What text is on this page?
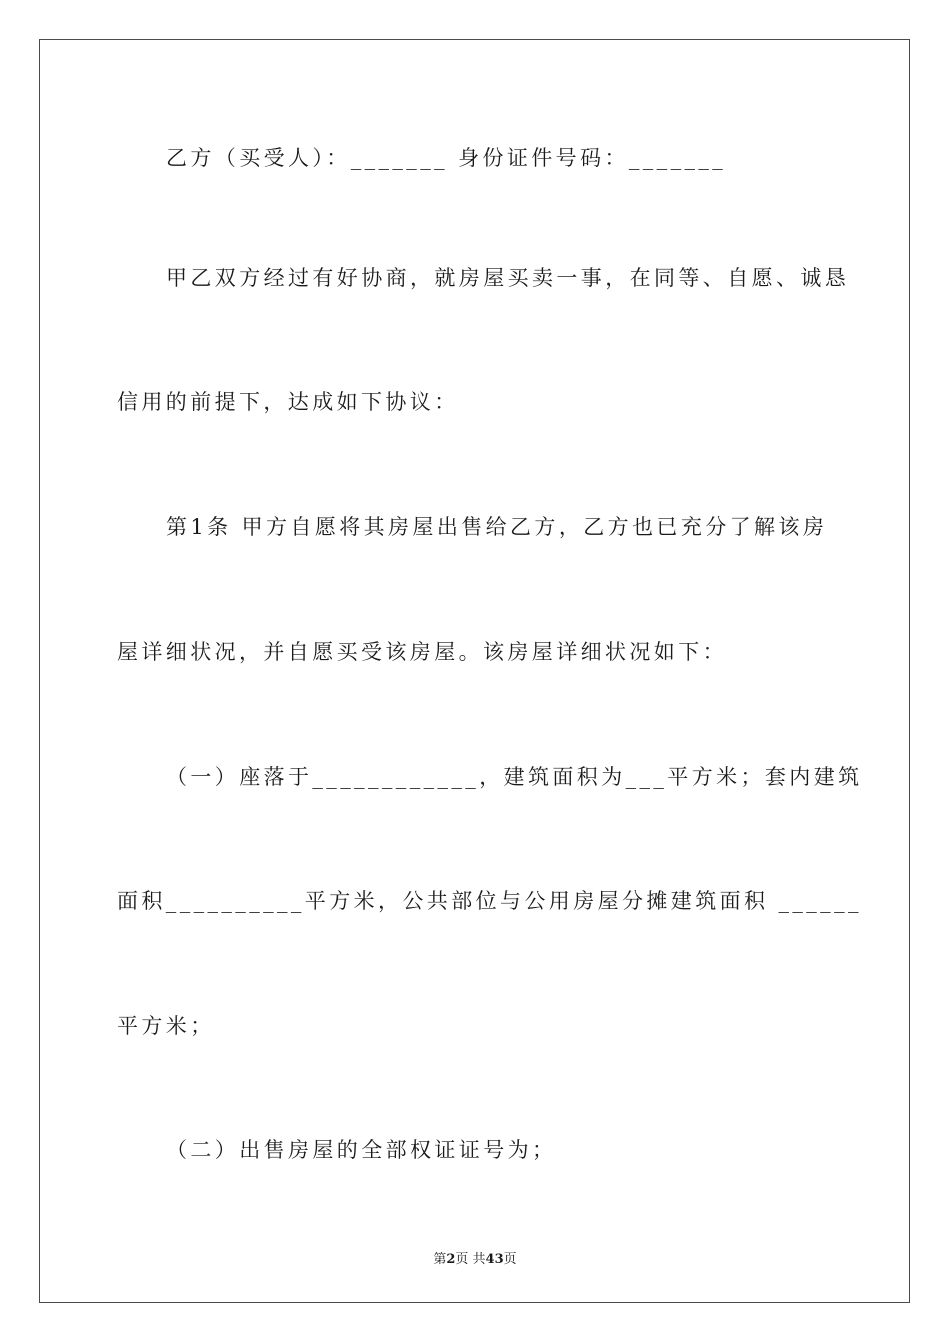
乙方（买受人）：_______ 身份证件号码：_______
甲乙双方经过有好协商，就房屋买卖一事，在同等、自愿、诚恳
信用的前提下，达成如下协议：
第1条 甲方自愿将其房屋出售给乙方，乙方也已充分了解该房
屋详细状况，并自愿买受该房屋。该房屋详细状况如下：
（一）座落于____________，建筑面积为___平方米；套内建筑
面积__________平方米，公共部位与公用房屋分摊建筑面积 ______
平方米；
（二）出售房屋的全部权证证号为；
第2页 共43页
